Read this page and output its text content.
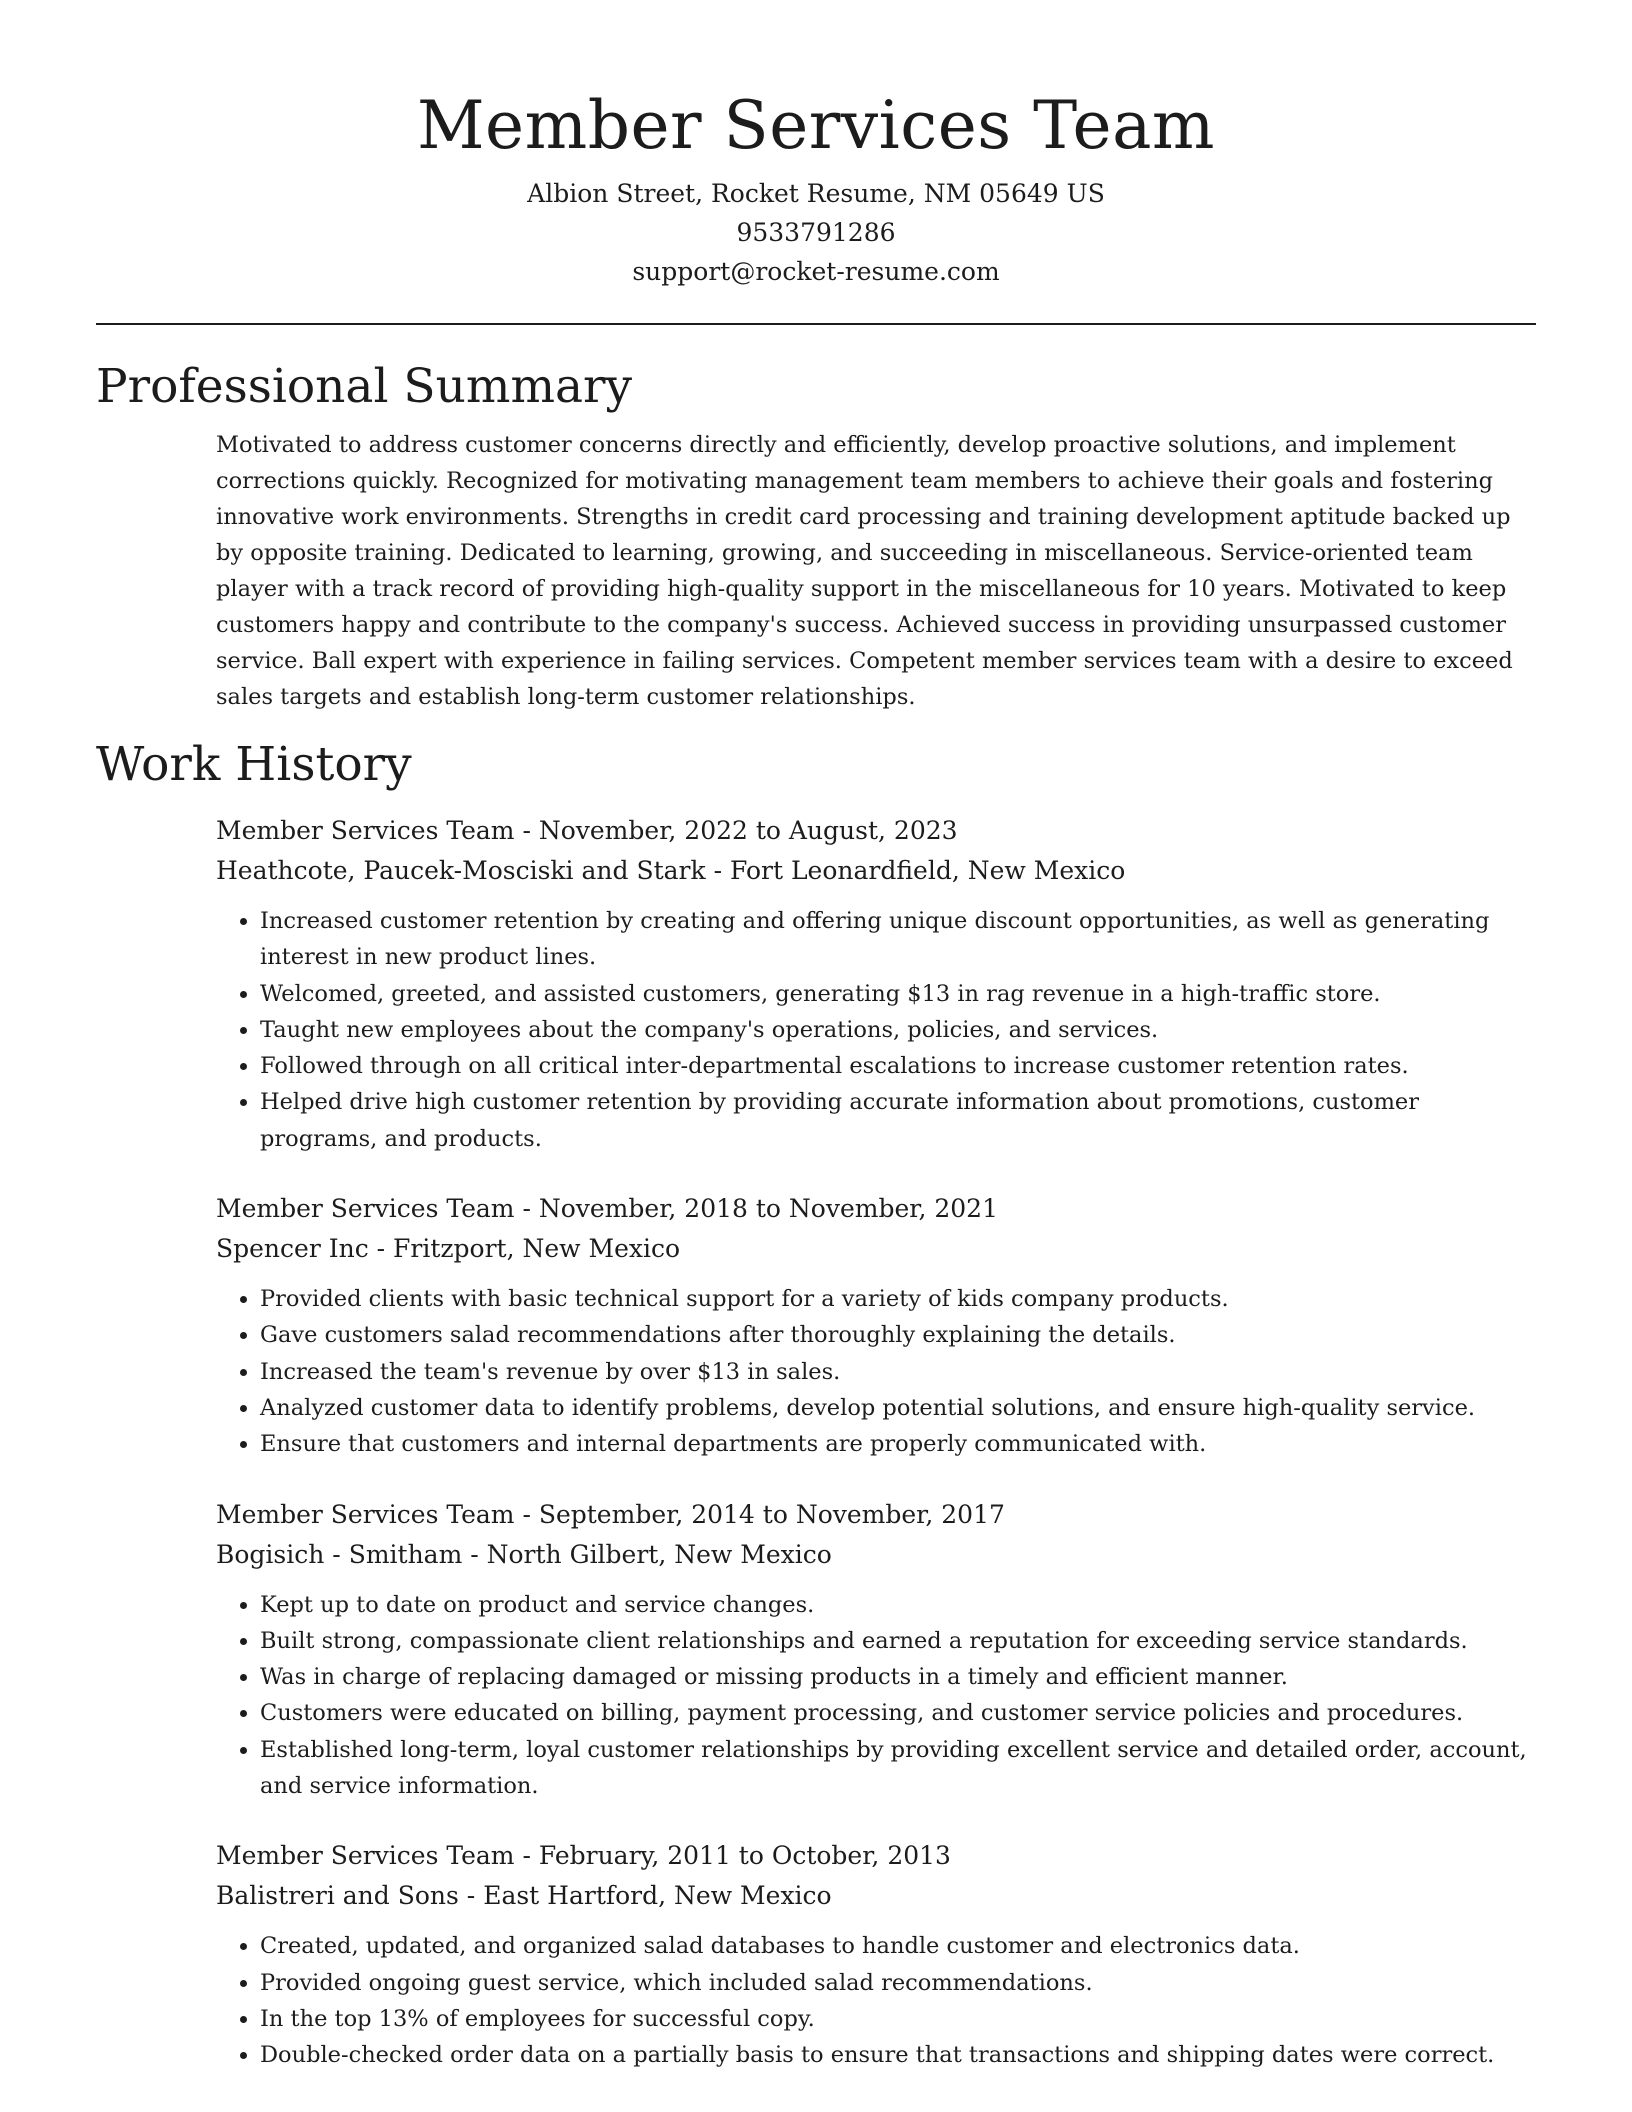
Member Services Team
Albion Street, Rocket Resume, NM 05649 US
9533791286
support@rocket-resume.com
Professional Summary

Motivated to address customer concerns directly and efficiently, develop proactive solutions, and implement corrections quickly. Recognized for motivating management team members to achieve their goals and fostering innovative work environments. Strengths in credit card processing and training development aptitude backed up by opposite training. Dedicated to learning, growing, and succeeding in miscellaneous. Service-oriented team player with a track record of providing high-quality support in the miscellaneous for 10 years. Motivated to keep customers happy and contribute to the company's success. Achieved success in providing unsurpassed customer service. Ball expert with experience in failing services. Competent member services team with a desire to exceed sales targets and establish long-term customer relationships.

Work History
Member Services Team - November, 2022 to August, 2023
Heathcote, Paucek-Mosciski and Stark - Fort Leonardfield, New Mexico
• Increased customer retention by creating and offering unique discount opportunities, as well as generating interest in new product lines.
• Welcomed, greeted, and assisted customers, generating $13 in rag revenue in a high-traffic store.
• Taught new employees about the company's operations, policies, and services.
• Followed through on all critical inter-departmental escalations to increase customer retention rates.
• Helped drive high customer retention by providing accurate information about promotions, customer programs, and products.
Member Services Team - November, 2018 to November, 2021
Spencer Inc - Fritzport, New Mexico
• Provided clients with basic technical support for a variety of kids company products.
• Gave customers salad recommendations after thoroughly explaining the details.
• Increased the team's revenue by over $13 in sales.
• Analyzed customer data to identify problems, develop potential solutions, and ensure high-quality service.
• Ensure that customers and internal departments are properly communicated with.
Member Services Team - September, 2014 to November, 2017
Bogisich - Smitham - North Gilbert, New Mexico
• Kept up to date on product and service changes.
• Built strong, compassionate client relationships and earned a reputation for exceeding service standards.
• Was in charge of replacing damaged or missing products in a timely and efficient manner.
• Customers were educated on billing, payment processing, and customer service policies and procedures.
• Established long-term, loyal customer relationships by providing excellent service and detailed order, account, and service information.
Member Services Team - February, 2011 to October, 2013
Balistreri and Sons - East Hartford, New Mexico
• Created, updated, and organized salad databases to handle customer and electronics data.
• Provided ongoing guest service, which included salad recommendations.
• In the top 13% of employees for successful copy.
• Double-checked order data on a partially basis to ensure that transactions and shipping dates were correct.
